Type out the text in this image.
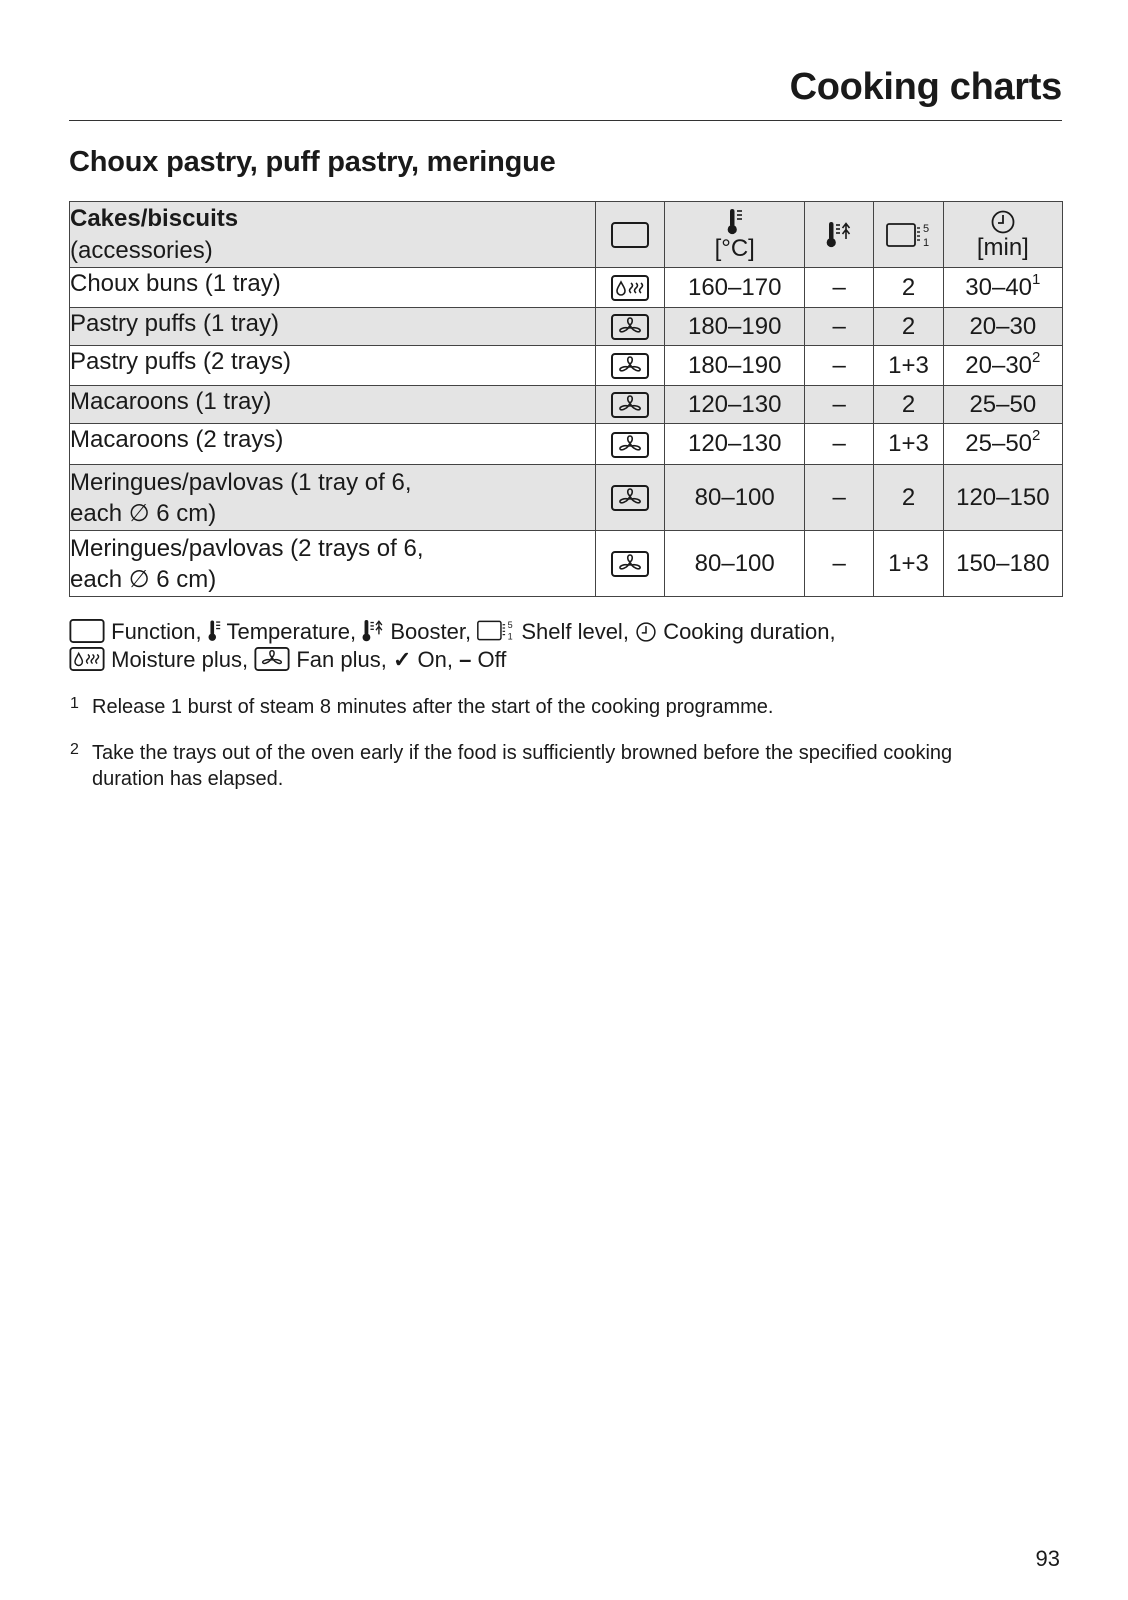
Cooking charts
Choux pastry, puff pastry, meringue
Cakes/biscuits
(accessories)		[°C]			[min]

Choux buns (1 tray)		160–170	–	2	$30-40^1$
Pastry puffs (1 tray)		180–190	–	2	20–30
Pastry puffs (2 trays)		180–190	–	1+3	$20-30^2$
Macaroons (1 tray)		120–130	–	2	25–50
Macaroons (2 trays)		120–130	–	1+3	$25-50^2$
Meringues/pavlovas (1 tray of 6,
each ∅ 6 cm)		80–100	–	2	120–150
Meringues/pavlovas (2 trays of 6,
each ∅ 6 cm)		80–100	–	1+3	150–180
Function, Temperature, Booster, Shelf level, Cooking duration,
Moisture plus, Fan plus, ✓ On, – Off
1 Release 1 burst of steam 8 minutes after the start of the cooking programme.
2 Take the trays out of the oven early if the food is sufficiently browned before the specified cooking duration has elapsed.
93
